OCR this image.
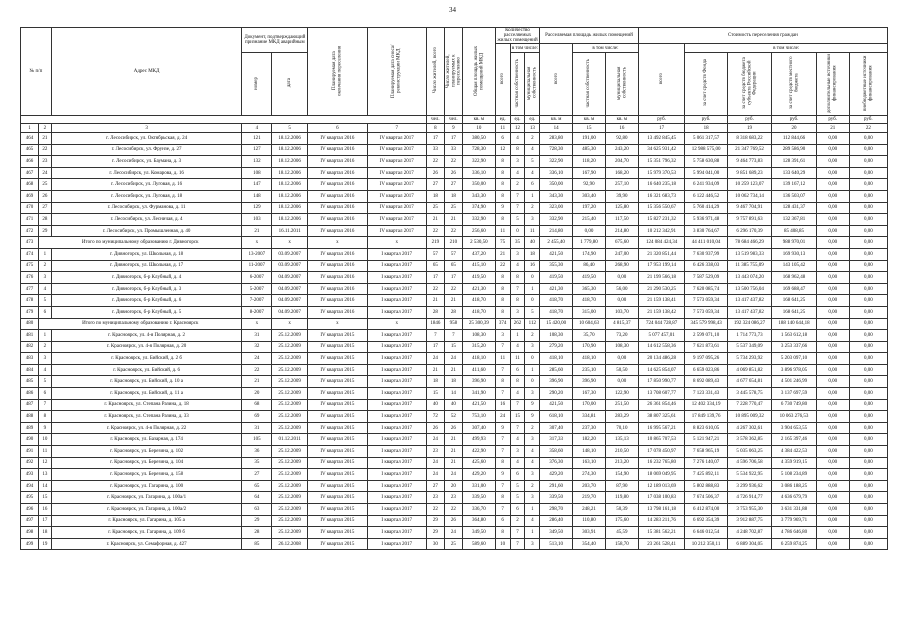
34
№ п/п		Адрес МКД	Документ, подтверждающий признание МКД аварийным		Планируемая дата окончания переселения	Планируемая дата сноса/ реконструкции МКД	Число жителей, всего	Число жителей, планируемых к переселению	Общая площадь жилых помещений МКД	Количество расселяемых жилых помещений			Расселяемая площадь жилых помещений			Стоимость переселения граждан					
										всего	в том числе:		всего	в том числе:		всего	в том числе:				
			номер	дата							частная собственность	муниципальная собственность		частная собственность	муниципальная собственность		за счет средств Фонда	за счет средств бюджета субъекта Российской Федерации	за счет средств местного бюджета	дополнительные источники финансирования	внебюджетные источники финансирования
							чел.	чел.	кв. м	ед.	ед.	ед.	кв. м	кв. м	кв. м	руб.	руб.	руб.	руб.	руб.	руб.
1	2	3	4	5	6	7	8	9	10	11	12	13	14	15	16	17	18	19	20	21	22
464	21	г. Лесосибирск, ул. Октябрьская, д. 24	121	18.12.2006	IV квартал 2016	IV квартал 2017	17	17	380,50	6	4	2	283,80	191,00	92,80	13 492 845,45	5 061 317,57	8 318 683,22	112 844,66	0,00	0,00
465	22	г. Лесосибирск, ул. Фрунзе, д. 27	127	18.12.2006	IV квартал 2016	IV квартал 2017	33	33	728,30	12	8	4	728,30	485,30	243,20	34 625 931,42	12 988 575,00	21 347 769,52	289 586,90	0,00	0,00
466	23	г. Лесосибирск, ул. Бауманa, д. 3	132	18.12.2006	IV квартал 2016	IV квартал 2017	22	22	322,90	8	3	5	322,90	118,20	204,70	15 351 796,32	5 758 630,88	9 464 773,83	128 391,61	0,00	0,00
467	24	г. Лесосибирск, ул. Комарова, д. 16	108	18.12.2006	IV квартал 2016	IV квартал 2017	26	26	336,10	8	4	4	336,10	167,90	168,20	15 979 370,53	5 994 041,00	9 851 689,23	133 640,29	0,00	0,00
468	25	г. Лесосибирск, ул. Луговая, д. 16	147	18.12.2006	IV квартал 2016	IV квартал 2017	27	27	350,00	8	2	6	350,00	92,90	257,10	16 640 235,18	6 241 934,09	10 259 123,07	139 167,12	0,00	0,00
469	26	г. Лесосибирск, ул. Луговая, д. 18	148	18.12.2006	IV квартал 2016	IV квартал 2017	18	18	343,30	8	7	1	343,30	303,40	39,90	16 321 683,73	6 122 446,52	10 062 734,14	136 503,07	0,00	0,00
470	27	г. Лесосибирск, ул. Фурманова, д. 11	129	18.12.2006	IV квартал 2016	IV квартал 2017	25	25	374,90	9	7	2	323,00	197,20	125,80	15 356 550,67	5 760 414,29	9 467 704,91	128 431,37	0,00	0,00
471	28	г. Лесосибирск, ул. Лесничая, д. 4	103	18.12.2006	IV квартал 2016	IV квартал 2017	21	21	332,90	8	5	3	332,90	215,40	117,50	15 827 231,32	5 936 971,48	9 757 891,63	132 367,81	0,00	0,00
472	29	г. Лесосибирск, ул. Промышленная, д. 40	21	16.11.2011	IV квартал 2016	IV квартал 2017	22	22	256,60	11	0	11	214,80	0,00	214,80	10 212 342,91	3 830 764,67	6 296 170,39	85 408,85	0,00	0,00
473	Итого по муниципальному образованию г. Дивногорск		x	x	x	x	219	210	2 530,50	75	35	40	2 455,40	1 779,80	675,60	124 084 424,34	44 411 010,04	78 684 466,29	988 970,01	0,00	0,00
474	1	г. Дивногорск, ул. Школьная, д. 18	13-2007	03.09.2007	IV квартал 2016	I квартал 2017	57	57	437,20	21	3	18	421,50	174,90	247,00	21 320 851,44	7 630 937,99	13 519 983,33	169 930,13	0,00	0,00
475	2	г. Дивногорск, ул. Школьная, д. 17	11-2007	03.09.2007	IV квартал 2016	I квартал 2017	65	65	415,10	22	4	16	355,30	86,40	268,90	17 953 199,14	6 426 338,03	11 385 755,09	143 105,42	0,00	0,00
476	3	г. Дивногорск, б-р Клубный, д. 4	6-2007	04.09.2007	IV квартал 2016	I квартал 2017	17	17	419,50	8	8	0	419,50	419,50	0,00	21 199 566,18	7 587 529,09	13 443 074,20	168 962,48	0,00	0,00
477	4	г. Дивногорск, б-р Клубный, д. 3	5-2007	04.09.2007	IV квартал 2016	I квартал 2017	22	22	421,30	8	7	1	421,30	365,30	56,00	21 290 530,25	7 620 085,74	13 500 756,04	169 688,47	0,00	0,00
478	5	г. Дивногорск, б-р Клубный, д. 6	7-2007	04.09.2007	IV квартал 2016	I квартал 2017	21	21	418,70	8	8	0	418,70	418,70	0,00	21 159 138,41	7 573 059,34	13 417 437,82	168 641,25	0,00	0,00
479	6	г. Дивногорск, б-р Клубный, д. 5	8-2007	04.09.2007	IV квартал 2016	I квартал 2017	28	28	418,70	8	3	5	418,70	315,00	103,70	21 159 138,42	7 573 059,34	13 417 437,82	168 641,25	0,00	0,00
480	Итого по муниципальному образованию г. Красноярск		x	x	x	x	1846	958	25 300,39	374	262	112	15 420,00	10 604,63	4 815,37	724 044 728,87	345 579 998,43	192 324 086,27	188 140 644,18	0,00	0,00
481	1	г. Красноярск, ул. 4-я Полярная, д. 2	31	25.12.2009	IV квартал 2015	I квартал 2017	7	7	108,30	3	1	2	108,30	35,70	73,20	5 077 457,01	2 599 071,10	1 714 773,73	1 563 612,18	0,00	0,00
482	2	г. Красноярск, ул. 4-я Полярная, д. 20	32	25.12.2009	IV квартал 2015	I квартал 2017	17	15	315,20	7	4	3	279,20	170,90	108,30	14 612 558,36	7 621 873,61	5 537 349,09	3 253 337,66	0,00	0,00
483	3	г. Красноярск, ул. Бийский, д. 2 б	24	25.12.2009	IV квартал 2015	I квартал 2017	24	24	418,10	11	11	0	418,10	418,10	0,00	20 134 486,28	9 197 095,26	5 734 293,92	5 203 097,10	0,00	0,00
484	4	г. Красноярск, ул. Бийский, д. 6	22	25.12.2009	IV квартал 2015	I квартал 2017	21	21	411,60	7	6	1	285,60	235,10	50,50	14 625 854,07	6 659 023,86	4 069 851,82	3 896 978,05	0,00	0,00
485	5	г. Красноярск, ул. Бийский, д. 10 а	21	25.12.2009	IV квартал 2015	I квартал 2017	18	18	396,90	8	8	0	396,90	396,90	0,00	17 850 990,77	8 692 089,43	4 677 654,81	4 501 246,99	0,00	0,00
486	6	г. Красноярск, ул. Бийский, д. 11 а	20	25.12.2009	IV квартал 2015	I квартал 2017	15	14	341,90	7	4	3	290,20	167,30	122,90	13 708 607,77	7 123 331,43	3 445 578,75	3 137 697,59	0,00	0,00
487	7	г. Красноярск, ул. Степана Разина, д. 18	68	25.12.2009	IV квартал 2015	I квартал 2017	40	40	421,50	16	7	9	421,50	170,00	251,50	26 361 854,46	12 402 334,19	7 228 770,47	6 730 749,80	0,00	0,00
488	8	г. Красноярск, ул. Степана Разина, д. 33	69	25.12.2009	IV квартал 2015	I квартал 2017	72	52	753,10	24	15	9	618,10	334,81	283,29	38 807 325,61	17 849 139,76	10 895 009,32	10 063 276,53	0,00	0,00
489	9	г. Красноярск, ул. 4-я Полярная, д. 22	31	25.12.2009	IV квартал 2015	I квартал 2017	26	26	307,40	9	7	2	307,40	237,30	70,10	16 995 567,21	8 823 610,05	4 267 302,61	3 904 653,55	0,00	0,00
490	10	г. Красноярск, ул. Базарная, д. 174	105	01.12.2011	IV квартал 2015	I квартал 2017	24	21	499,93	7	4	3	317,33	182,20	135,13	10 865 707,53	5 121 947,21	3 578 362,85	2 165 397,46	0,00	0,00
491	11	г. Красноярск, ул. Березина, д. 102	36	25.12.2009	IV квартал 2015	I квартал 2017	23	21	422,90	7	3	4	358,60	148,10	210,50	17 078 450,97	7 658 965,19	5 035 063,25	4 384 422,53	0,00	0,00
492	12	г. Красноярск, ул. Березина, д. 104	35	25.12.2009	IV квартал 2015	I квартал 2017	24	21	425,60	8	4	4	376,30	163,10	213,20	16 232 765,80	7 276 140,07	4 596 706,58	4 359 919,15	0,00	0,00
493	13	г. Красноярск, ул. Березина, д. 158	27	25.12.2009	IV квартал 2015	I квартал 2017	24	24	429,20	9	6	3	429,20	274,30	154,90	18 069 049,95	7 425 892,11	5 534 922,95	5 108 234,89	0,00	0,00
494	14	г. Красноярск, ул. Гагарина, д. 100	65	25.12.2009	IV квартал 2015	I квартал 2017	27	20	331,00	7	5	2	291,60	203,70	87,90	12 189 013,69	5 802 888,83	3 299 936,62	3 086 188,25	0,00	0,00
495	15	г. Красноярск, ул. Гагарина, д. 100а/1	64	25.12.2009	IV квартал 2015	I квартал 2017	23	23	339,50	8	5	3	339,50	219,70	119,80	17 038 100,83	7 674 506,37	4 726 914,77	4 636 679,79	0,00	0,00
496	16	г. Красноярск, ул. Гагарина, д. 100а/2	63	25.12.2009	IV квартал 2015	I квартал 2017	22	22	336,70	7	6	1	298,70	248,21	50,39	13 798 161,18	6 412 874,00	3 753 955,30	3 631 331,88	0,00	0,00
497	17	г. Красноярск, ул. Гагарина, д. 105 а	29	25.12.2009	IV квартал 2015	I квартал 2017	29	26	364,80	6	2	4	286,40	110,80	175,60	14 283 211,76	6 692 354,39	3 912 887,75	3 779 969,71	0,00	0,00
498	18	г. Красноярск, ул. Гагарина, д. 109 б	28	25.12.2009	IV квартал 2015	I квартал 2017	29	24	349,50	8	7	1	349,50	303,91	45,59	15 381 562,21	6 646 012,54	4 248 702,87	4 786 646,80	0,00	0,00
499	19	г. Красноярск, ул. Семафорная, д. 427	85	26.12.2008	IV квартал 2015	I квартал 2017	30	25	589,60	10	7	3	513,10	354,40	158,70	23 261 528,41	10 212 350,11	6 889 304,05	6 259 874,25	0,00	0,00
